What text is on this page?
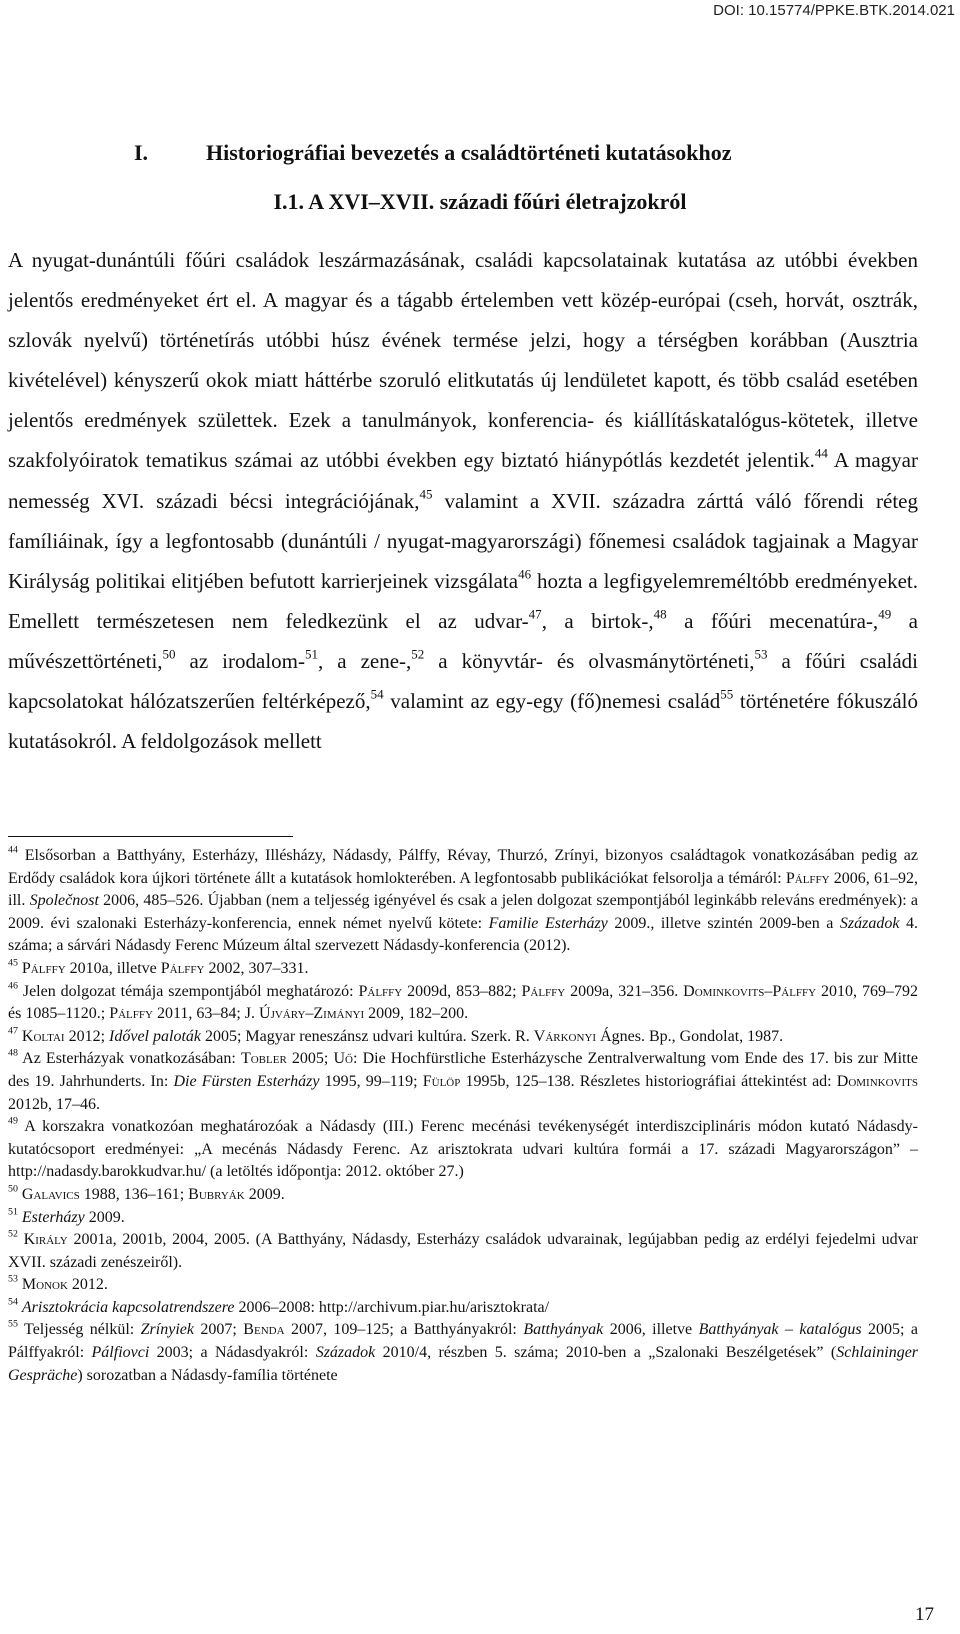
DOI: 10.15774/PPKE.BTK.2014.021
I.	Historiográfiai bevezetés a családtörténeti kutatásokhoz
I.1. A XVI–XVII. századi főúri életrajzokról

A nyugat-dunántúli főúri családok leszármazásának, családi kapcsolatainak kutatása az utóbbi években jelentős eredményeket ért el. A magyar és a tágabb értelemben vett közép-európai (cseh, horvát, osztrák, szlovák nyelvű) történetírás utóbbi húsz évének termése jelzi, hogy a térségben korábban (Ausztria kivételével) kényszerű okok miatt háttérbe szoruló elitkutatás új lendületet kapott, és több család esetében jelentős eredmények születtek. Ezek a tanulmányok, konferencia- és kiállításkatalógus-kötetek, illetve szakfolyóiratok tematikus számai az utóbbi években egy biztató hiánypótlás kezdetét jelentik.$^{44}$ A magyar nemesség XVI. századi bécsi integrációjának,$^{45}$ valamint a XVII. századra zárttá váló főrendi réteg famíliáinak, így a legfontosabb (dunántúli / nyugat-magyarországi) főnemesi családok tagjainak a Magyar Királyság politikai elitjében befutott karrierjeinek vizsgálata$^{46}$ hozta a legfigyelemreméltóbb eredményeket. Emellett természetesen nem feledkezünk el az udvar-$^{47}$, a birtok-,$^{48}$ a főúri mecenatúra-,$^{49}$ a művészettörténeti,$^{50}$ az irodalom-$^{51}$, a zene-,$^{52}$ a könyvtár- és olvasmánytörténeti,$^{53}$ a főúri családi kapcsolatokat hálózatszerűen feltérképező,$^{54}$ valamint az egy-egy (fő)nemesi család$^{55}$ történetére fókuszáló kutatásokról. A feldolgozások mellett

$^{44}$ Elsősorban a Batthyány, Esterházy, Illésházy, Nádasdy, Pálffy, Révay, Thurzó, Zrínyi, bizonyos családtagok vonatkozásában pedig az Erdődy családok kora újkori története állt a kutatások homlokterében. A legfontosabb publikációkat felsorolja a témáról: Pálffy 2006, 61–92, ill. Společnost 2006, 485–526. Újabban (nem a teljesség igényével és csak a jelen dolgozat szempontjából leginkább releváns eredmények): a 2009. évi szalonaki Esterházy-konferencia, ennek német nyelvű kötete: Familie Esterházy 2009., illetve szintén 2009-ben a Századok 4. száma; a sárvári Nádasdy Ferenc Múzeum által szervezett Nádasdy-konferencia (2012).

$^{45}$ Pálffy 2010a, illetve Pálffy 2002, 307–331.

$^{46}$ Jelen dolgozat témája szempontjából meghatározó: Pálffy 2009d, 853–882; Pálffy 2009a, 321–356. Dominkovits–Pálffy 2010, 769–792 és 1085–1120.; Pálffy 2011, 63–84; J. Újváry–Zimányi 2009, 182–200.

$^{47}$ Koltai 2012; Idővel paloták 2005; Magyar reneszánsz udvari kultúra. Szerk. R. Várkonyi Ágnes. Bp., Gondolat, 1987.

$^{48}$ Az Esterházyak vonatkozásában: Tobler 2005; Uő: Die Hochfürstliche Esterházysche Zentralverwaltung vom Ende des 17. bis zur Mitte des 19. Jahrhunderts. In: Die Fürsten Esterházy 1995, 99–119; Fülöp 1995b, 125–138. Részletes historiográfiai áttekintést ad: Dominkovits 2012b, 17–46.

$^{49}$ A korszakra vonatkozóan meghatározóak a Nádasdy (III.) Ferenc mecénási tevékenységét interdiszciplináris módon kutató Nádasdy-kutatócsoport eredményei: „A mecénás Nádasdy Ferenc. Az arisztokrata udvari kultúra formái a 17. századi Magyarországon” – http://nadasdy.barokkudvar.hu/ (a letöltés időpontja: 2012. október 27.)

$^{50}$ Galavics 1988, 136–161; Bubryák 2009.

$^{51}$ Esterházy 2009.

$^{52}$ Király 2001a, 2001b, 2004, 2005. (A Batthyány, Nádasdy, Esterházy családok udvarainak, legújabban pedig az erdélyi fejedelmi udvar XVII. századi zenészeiről).

$^{53}$ Monok 2012.

$^{54}$ Arisztokrácia kapcsolatrendszere 2006–2008: http://archivum.piar.hu/arisztokrata/

$^{55}$ Teljesség nélkül: Zrínyiek 2007; Benda 2007, 109–125; a Batthyányakról: Batthyányak 2006, illetve Batthyányak – katalógus 2005; a Pálffyakról: Pálfiovci 2003; a Nádasdyakról: Századok 2010/4, részben 5. száma; 2010-ben a „Szalonaki Beszélgetések” (Schlaininger Gespräche) sorozatban a Nádasdy-família története

17
